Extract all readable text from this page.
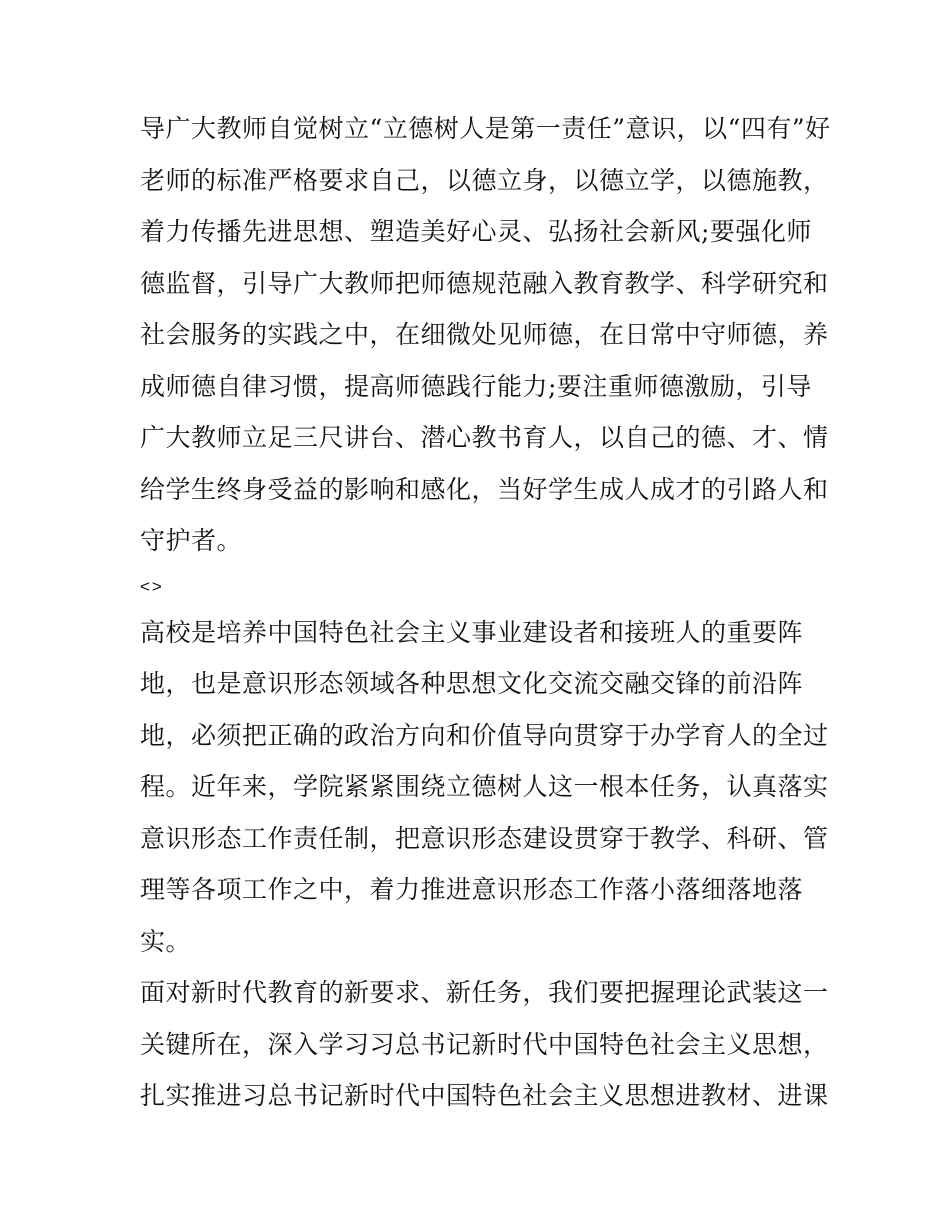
导广大教师自觉树立“立德树人是第一责任”意识，以“四有”好
老师的标准严格要求自己，以德立身，以德立学，以德施教，
着力传播先进思想、塑造美好心灵、弘扬社会新风;要强化师
德监督，引导广大教师把师德规范融入教育教学、科学研究和
社会服务的实践之中，在细微处见师德，在日常中守师德，养
成师德自律习惯，提高师德践行能力;要注重师德激励，引导
广大教师立足三尺讲台、潜心教书育人，以自己的德、才、情
给学生终身受益的影响和感化，当好学生成人成才的引路人和
守护者。
<>
高校是培养中国特色社会主义事业建设者和接班人的重要阵
地，也是意识形态领域各种思想文化交流交融交锋的前沿阵
地，必须把正确的政治方向和价值导向贯穿于办学育人的全过
程。近年来，学院紧紧围绕立德树人这一根本任务，认真落实
意识形态工作责任制，把意识形态建设贯穿于教学、科研、管
理等各项工作之中，着力推进意识形态工作落小落细落地落
实。
面对新时代教育的新要求、新任务，我们要把握理论武装这一
关键所在，深入学习习总书记新时代中国特色社会主义思想，
扎实推进习总书记新时代中国特色社会主义思想进教材、进课
